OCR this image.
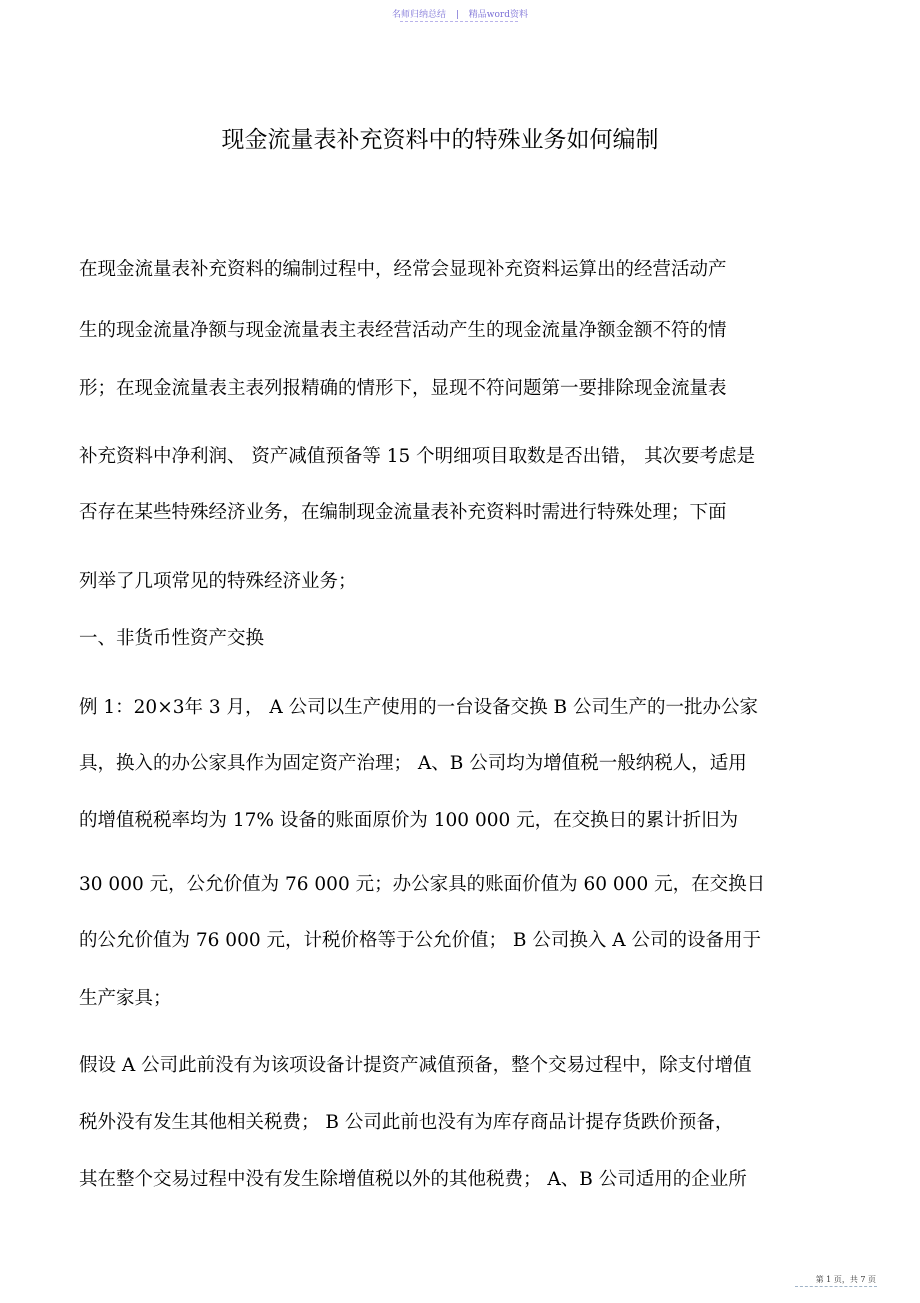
名师归纳总结	精品word资料
现金流量表补充资料中的特殊业务如何编制
在现金流量表补充资料的编制过程中，经常会显现补充资料运算出的经营活动产
生的现金流量净额与现金流量表主表经营活动产生的现金流量净额金额不符的情
形；在现金流量表主表列报精确的情形下，显现不符问题第一要排除现金流量表
补充资料中净利润、 资产减值预备等 15 个明细项目取数是否出错， 其次要考虑是
否存在某些特殊经济业务，在编制现金流量表补充资料时需进行特殊处理；下面
列举了几项常见的特殊经济业务；
一、非货币性资产交换
例 1：20×3年 3 月， A 公司以生产使用的一台设备交换 B 公司生产的一批办公家
具，换入的办公家具作为固定资产治理； A、B 公司均为增值税一般纳税人，适用
的增值税税率均为 17% 设备的账面原价为 100 000 元，在交换日的累计折旧为
30 000 元，公允价值为 76 000 元；办公家具的账面价值为 60 000 元，在交换日
的公允价值为 76 000 元，计税价格等于公允价值； B 公司换入 A 公司的设备用于
生产家具；
假设 A 公司此前没有为该项设备计提资产减值预备，整个交易过程中，除支付增值
税外没有发生其他相关税费； B 公司此前也没有为库存商品计提存货跌价预备，
其在整个交易过程中没有发生除增值税以外的其他税费； A、B 公司适用的企业所
第 1 页，共 7 页
